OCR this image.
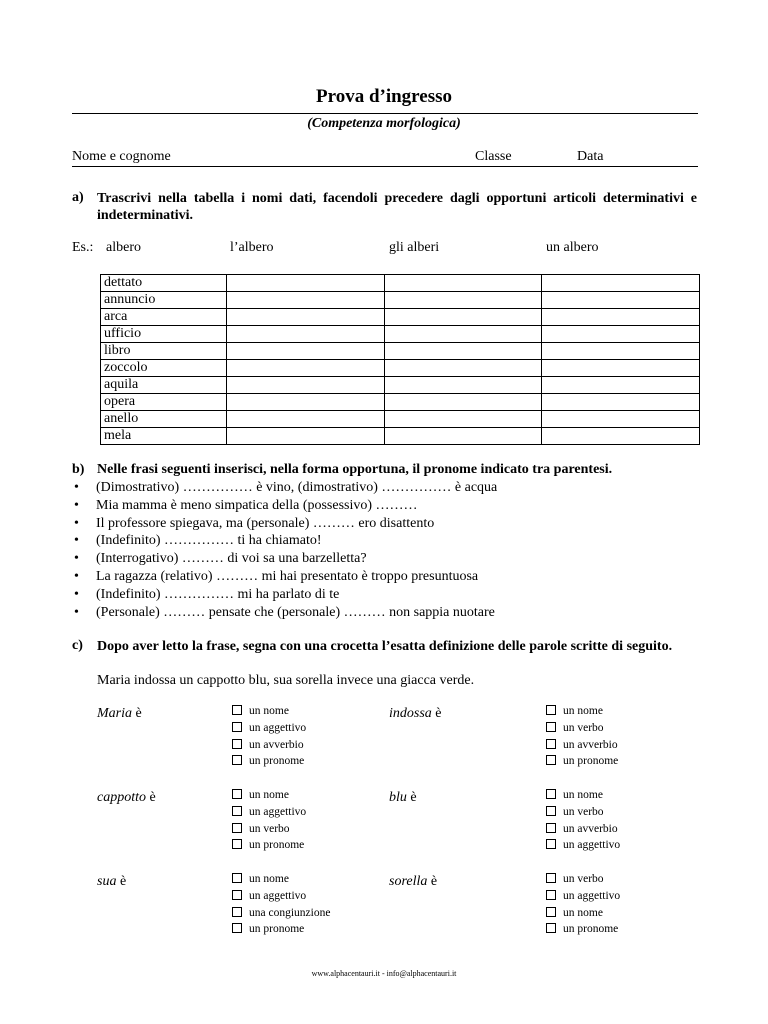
Prova d’ingresso
(Competenza morfologica)
Nome e cognome	Classe	Data
a) Trascrivi nella tabella i nomi dati, facendoli precedere dagli opportuni articoli determinativi e indeterminativi.
Es.: albero	l’albero	gli alberi	un albero
dettato			
annuncio			
arca			
ufficio			
libro			
zoccolo			
aquila			
opera			
anello			
mela			
b) Nelle frasi seguenti inserisci, nella forma opportuna, il pronome indicato tra parentesi.
• (Dimostrativo) …………… è vino, (dimostrativo) …………… è acqua
• Mia mamma è meno simpatica della (possessivo) ………
• Il professore spiegava, ma (personale) ……… ero disattento
• (Indefinito) …………… ti ha chiamato!
• (Interrogativo) ……… di voi sa una barzelletta?
• La ragazza (relativo) ……… mi hai presentato è troppo presuntuosa
• (Indefinito) …………… mi ha parlato di te
• (Personale) ……… pensate che (personale) ……… non sappia nuotare
c) Dopo aver letto la frase, segna con una crocetta l’esatta definizione delle parole scritte di seguito.
Maria indossa un cappotto blu, sua sorella invece una giacca verde.
Maria è	un nome
un aggettivo
un avverbio
un pronome
indossa è	un nome
un verbo
un avverbio
un pronome
cappotto è	un nome
un aggettivo
un verbo
un pronome
blu è	un nome
un verbo
un avverbio
un aggettivo
sua è	un nome
un aggettivo
una congiunzione
un pronome
sorella è	un verbo
un aggettivo
un nome
un pronome
www.alphacentauri.it - info@alphacentauri.it
